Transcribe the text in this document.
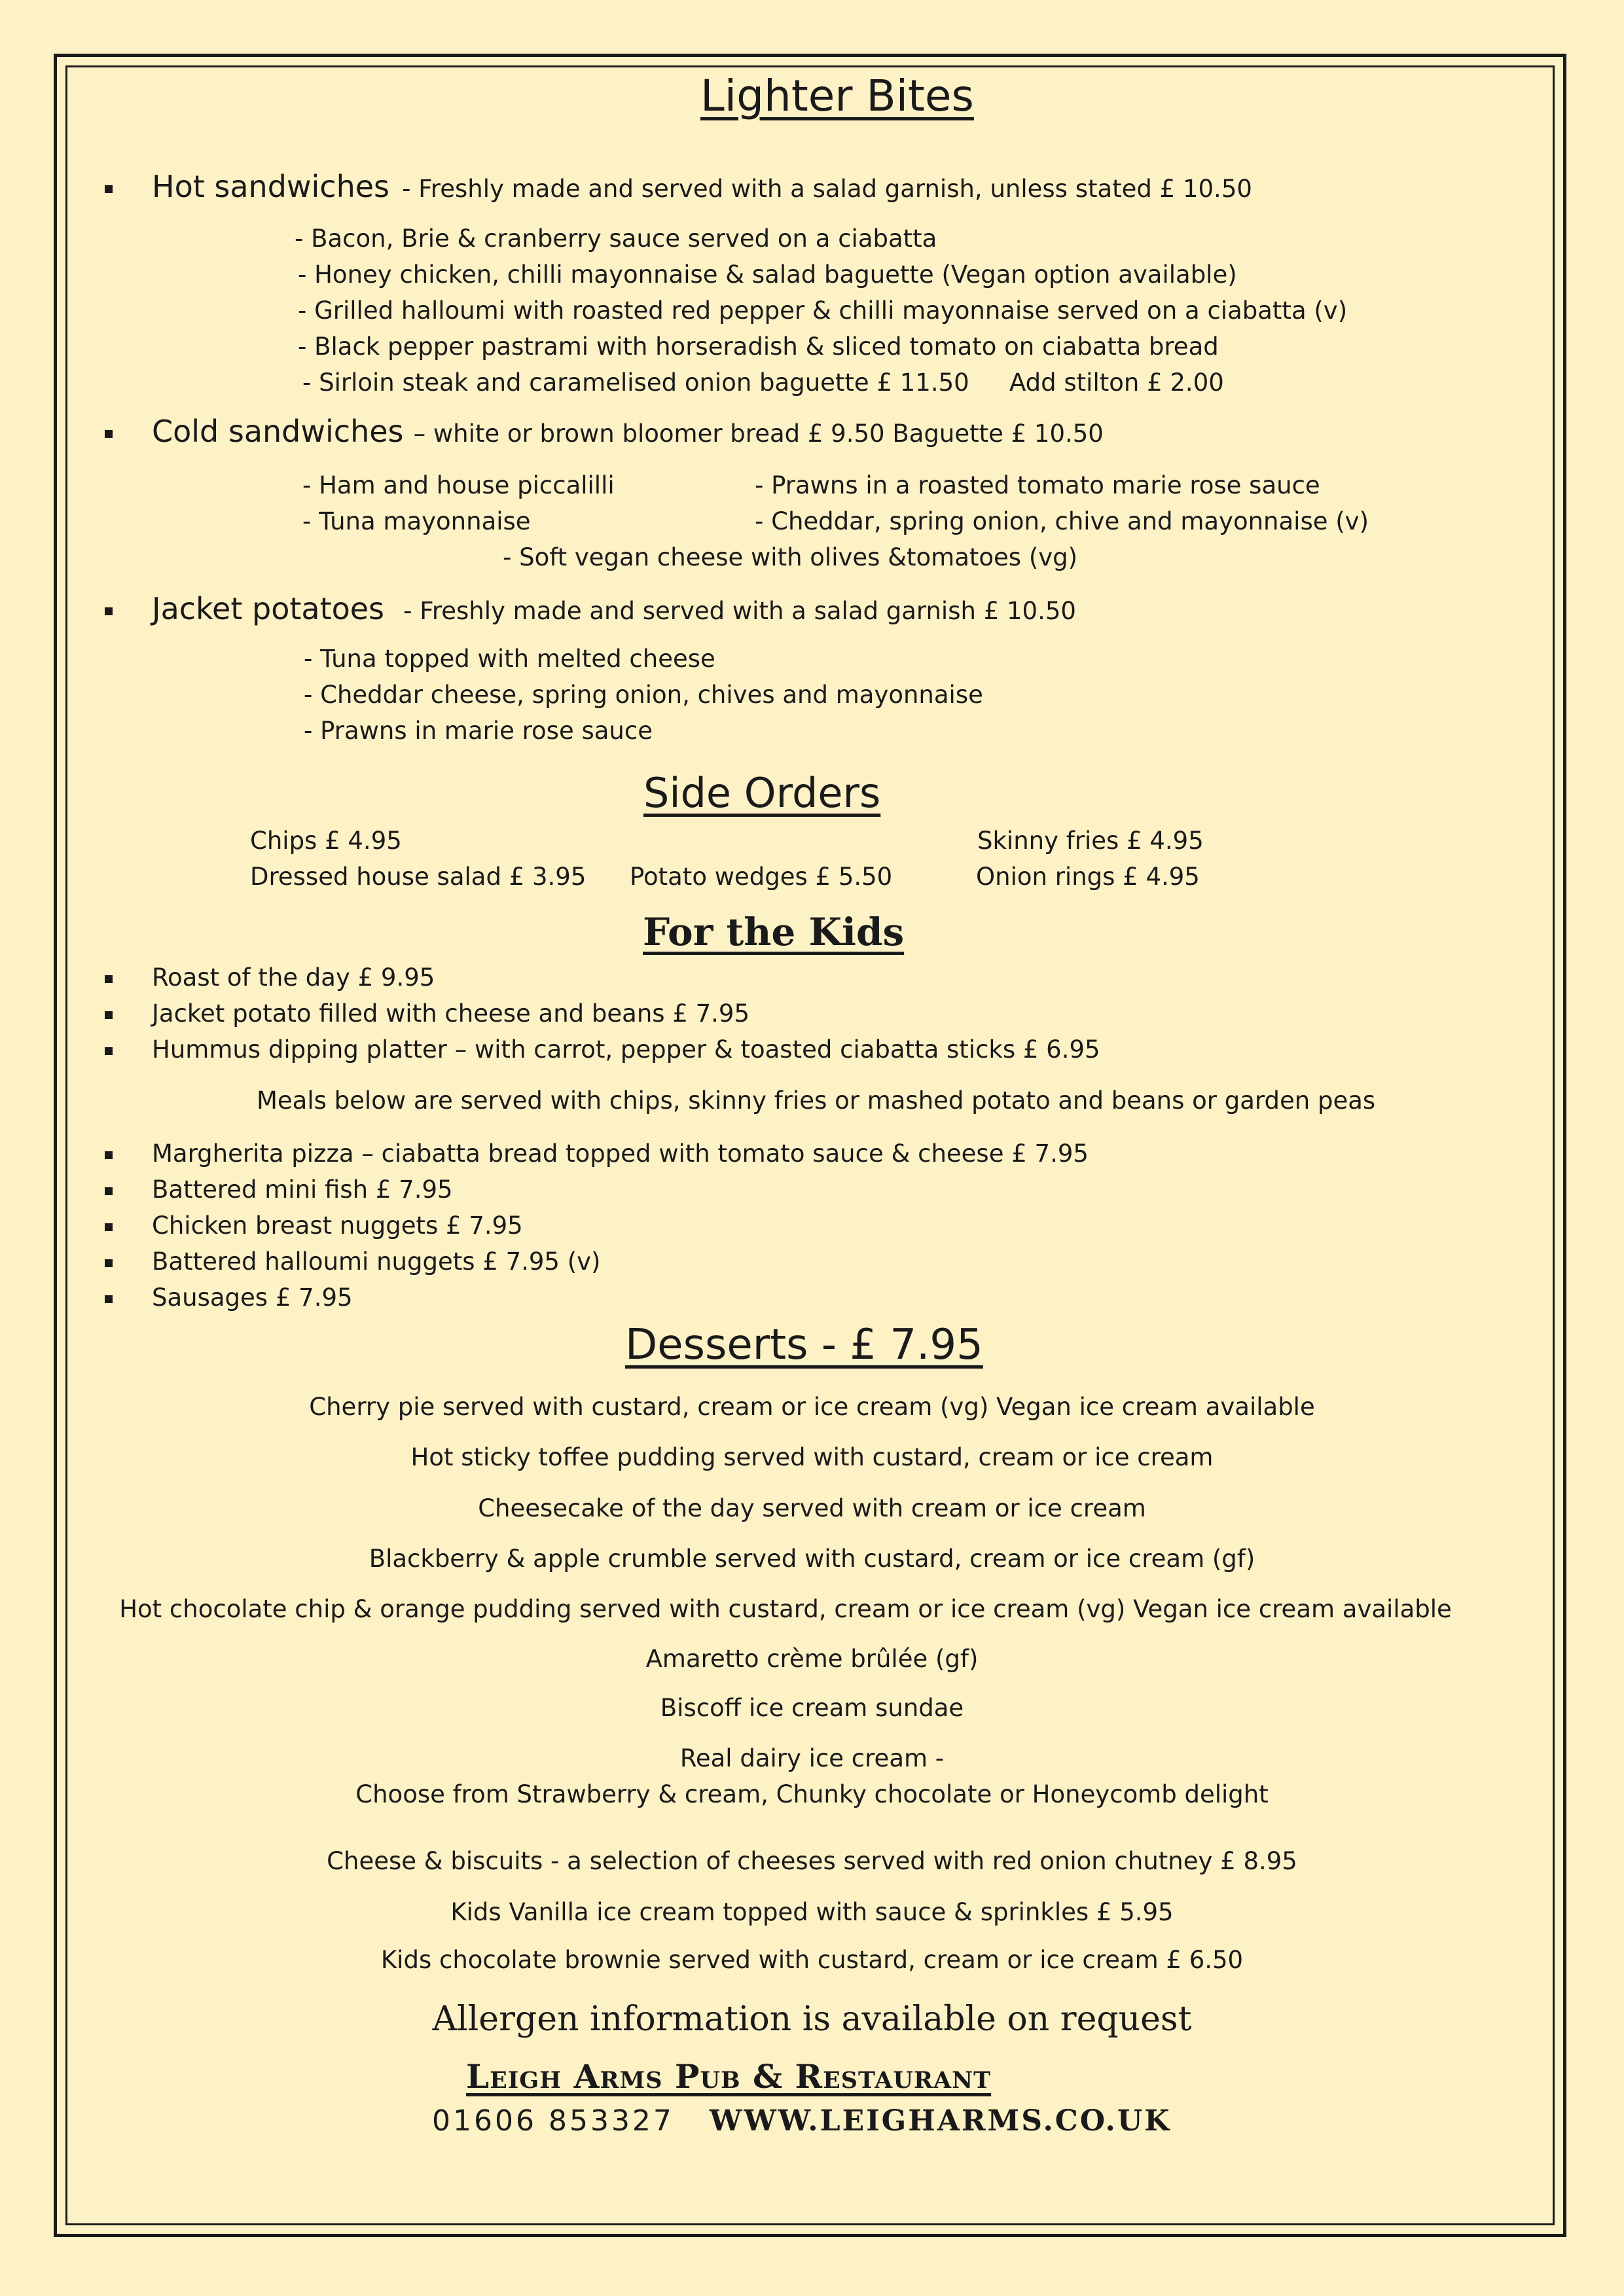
Lighter Bites
Hot sandwiches - Freshly made and served with a salad garnish, unless stated £ 10.50
- Bacon, Brie & cranberry sauce served on a ciabatta
- Honey chicken, chilli mayonnaise & salad baguette (Vegan option available)
- Grilled halloumi with roasted red pepper & chilli mayonnaise served on a ciabatta (v)
- Black pepper pastrami with horseradish & sliced tomato on ciabatta bread
- Sirloin steak and caramelised onion baguette £ 11.50 Add stilton £ 2.00
Cold sandwiches – white or brown bloomer bread £ 9.50 Baguette £ 10.50
- Ham and house piccalilli
- Tuna mayonnaise
- Prawns in a roasted tomato marie rose sauce
- Cheddar, spring onion, chive and mayonnaise (v)
- Soft vegan cheese with olives &tomatoes (vg)
Jacket potatoes - Freshly made and served with a salad garnish £ 10.50
- Tuna topped with melted cheese
- Cheddar cheese, spring onion, chives and mayonnaise
- Prawns in marie rose sauce
Side Orders
Chips £ 4.95
Dressed house salad £ 3.95 Potato wedges £ 5.50
Skinny fries £ 4.95
Onion rings £ 4.95
For the Kids
Roast of the day £ 9.95
Jacket potato filled with cheese and beans £ 7.95
Hummus dipping platter – with carrot, pepper & toasted ciabatta sticks £ 6.95
Meals below are served with chips, skinny fries or mashed potato and beans or garden peas
Margherita pizza – ciabatta bread topped with tomato sauce & cheese £ 7.95
Battered mini fish £ 7.95
Chicken breast nuggets £ 7.95
Battered halloumi nuggets £ 7.95 (v)
Sausages £ 7.95
Desserts - £ 7.95
Cherry pie served with custard, cream or ice cream (vg) Vegan ice cream available
Hot sticky toffee pudding served with custard, cream or ice cream
Cheesecake of the day served with cream or ice cream
Blackberry & apple crumble served with custard, cream or ice cream (gf)
Hot chocolate chip & orange pudding served with custard, cream or ice cream (vg) Vegan ice cream available
Amaretto crème brûlée (gf)
Biscoff ice cream sundae
Real dairy ice cream -
Choose from Strawberry & cream, Chunky chocolate or Honeycomb delight
Cheese & biscuits - a selection of cheeses served with red onion chutney £ 8.95
Kids Vanilla ice cream topped with sauce & sprinkles £ 5.95
Kids chocolate brownie served with custard, cream or ice cream £ 6.50
Allergen information is available on request
Leigh Arms Pub & Restaurant
01606 853327 WWW.LEIGHARMS.CO.UK
